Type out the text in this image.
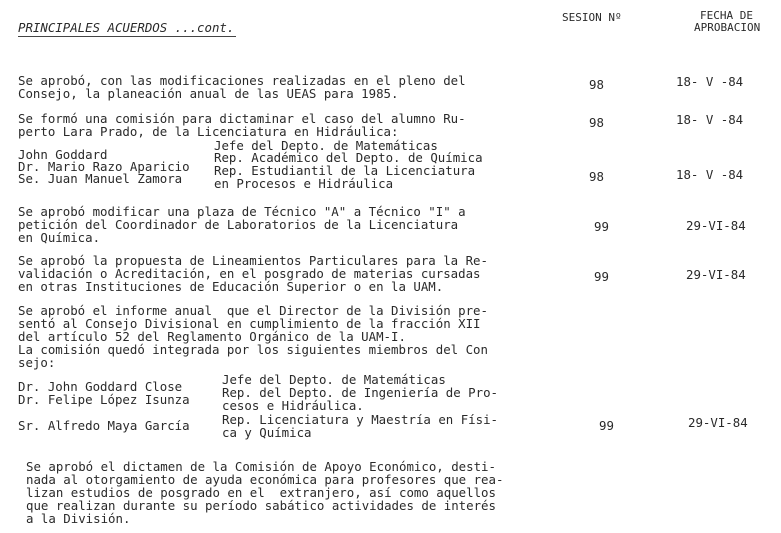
PRINCIPALES ACUERDOS ...cont.
SESION Nº	FECHA DE
APROBACION
Se aprobó, con las modificaciones realizadas en el pleno del
Consejo, la planeación anual de las UEAS para 1985.
98	18- V -84
Se formó una comisión para dictaminar el caso del alumno Ru-
perto Lara Prado, de la Licenciatura en Hidráulica:
98	18- V -84
John Goddard
Jefe del Depto. de Matemáticas
Dr. Mario Razo Aparicio
Rep. Académico del Depto. de Química
Se. Juan Manuel Zamora
Rep. Estudiantil de la Licenciatura
en Procesos e Hidráulica	98	18- V -84
Se aprobó modificar una plaza de Técnico "A" a Técnico "I" a
petición del Coordinador de Laboratorios de la Licenciatura
en Química.
99	29-VI-84
Se aprobó la propuesta de Lineamientos Particulares para la Re-
validación o Acreditación, en el posgrado de materias cursadas
en otras Instituciones de Educación Superior o en la UAM.
99	29-VI-84
Se aprobó el informe anual  que el Director de la División pre-
sentó al Consejo Divisional en cumplimiento de la fracción XII
del artículo 52 del Reglamento Orgánico de la UAM-I.
La comisión quedó integrada por los siguientes miembros del Con
sejo:
Dr. John Goddard Close	Jefe del Depto. de Matemáticas
Dr. Felipe López Isunza	Rep. del Depto. de Ingeniería de Pro-
cesos e Hidráulica.
Sr. Alfredo Maya García	Rep. Licenciatura y Maestría en Físi-
ca y Química	99	29-VI-84
Se aprobó el dictamen de la Comisión de Apoyo Económico, desti-
nada al otorgamiento de ayuda económica para profesores que rea-
lizan estudios de posgrado en el  extranjero, así como aquellos
que realizan durante su período sabático actividades de interés
a la División.
